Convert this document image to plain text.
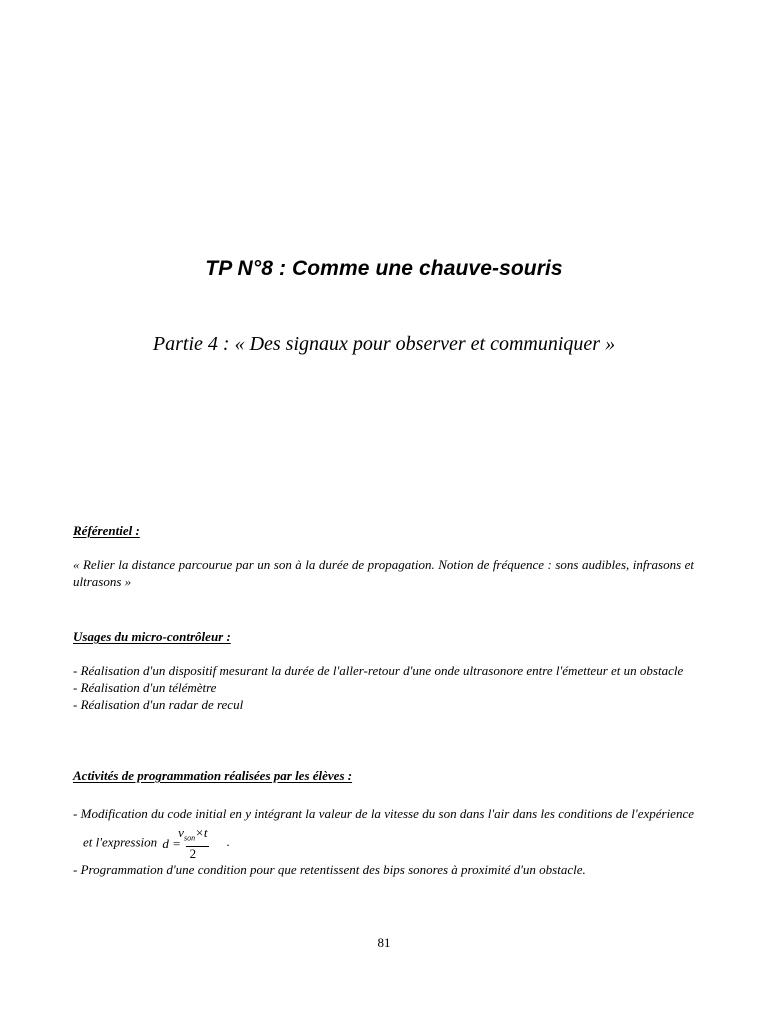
TP N°8 : Comme une chauve-souris
Partie 4 : « Des signaux pour observer et communiquer »
Référentiel :
« Relier la distance parcourue par un son à la durée de propagation. Notion de fréquence : sons audibles, infrasons et ultrasons »
Usages du micro-contrôleur :
- Réalisation d'un dispositif mesurant la durée de l'aller-retour d'une onde ultrasonore entre l'émetteur et un obstacle
- Réalisation d'un télémètre
- Réalisation d'un radar de recul
Activités de programmation réalisées par les élèves :
- Modification du code initial en y intégrant la valeur de la vitesse du son dans l'air dans les conditions de l'expérience et l'expression $d = \frac{v_{son}\times t}{2}$ .
- Programmation d'une condition pour que retentissent des bips sonores à proximité d'un obstacle.
81
